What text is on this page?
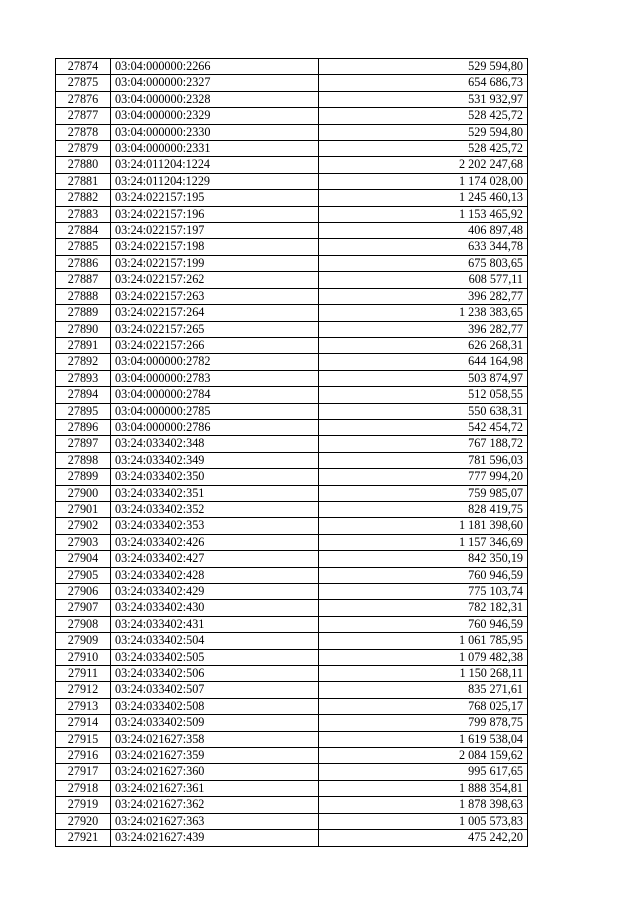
27874	03:04:000000:2266	529 594,80
27875	03:04:000000:2327	654 686,73
27876	03:04:000000:2328	531 932,97
27877	03:04:000000:2329	528 425,72
27878	03:04:000000:2330	529 594,80
27879	03:04:000000:2331	528 425,72
27880	03:24:011204:1224	2 202 247,68
27881	03:24:011204:1229	1 174 028,00
27882	03:24:022157:195	1 245 460,13
27883	03:24:022157:196	1 153 465,92
27884	03:24:022157:197	406 897,48
27885	03:24:022157:198	633 344,78
27886	03:24:022157:199	675 803,65
27887	03:24:022157:262	608 577,11
27888	03:24:022157:263	396 282,77
27889	03:24:022157:264	1 238 383,65
27890	03:24:022157:265	396 282,77
27891	03:24:022157:266	626 268,31
27892	03:04:000000:2782	644 164,98
27893	03:04:000000:2783	503 874,97
27894	03:04:000000:2784	512 058,55
27895	03:04:000000:2785	550 638,31
27896	03:04:000000:2786	542 454,72
27897	03:24:033402:348	767 188,72
27898	03:24:033402:349	781 596,03
27899	03:24:033402:350	777 994,20
27900	03:24:033402:351	759 985,07
27901	03:24:033402:352	828 419,75
27902	03:24:033402:353	1 181 398,60
27903	03:24:033402:426	1 157 346,69
27904	03:24:033402:427	842 350,19
27905	03:24:033402:428	760 946,59
27906	03:24:033402:429	775 103,74
27907	03:24:033402:430	782 182,31
27908	03:24:033402:431	760 946,59
27909	03:24:033402:504	1 061 785,95
27910	03:24:033402:505	1 079 482,38
27911	03:24:033402:506	1 150 268,11
27912	03:24:033402:507	835 271,61
27913	03:24:033402:508	768 025,17
27914	03:24:033402:509	799 878,75
27915	03:24:021627:358	1 619 538,04
27916	03:24:021627:359	2 084 159,62
27917	03:24:021627:360	995 617,65
27918	03:24:021627:361	1 888 354,81
27919	03:24:021627:362	1 878 398,63
27920	03:24:021627:363	1 005 573,83
27921	03:24:021627:439	475 242,20
